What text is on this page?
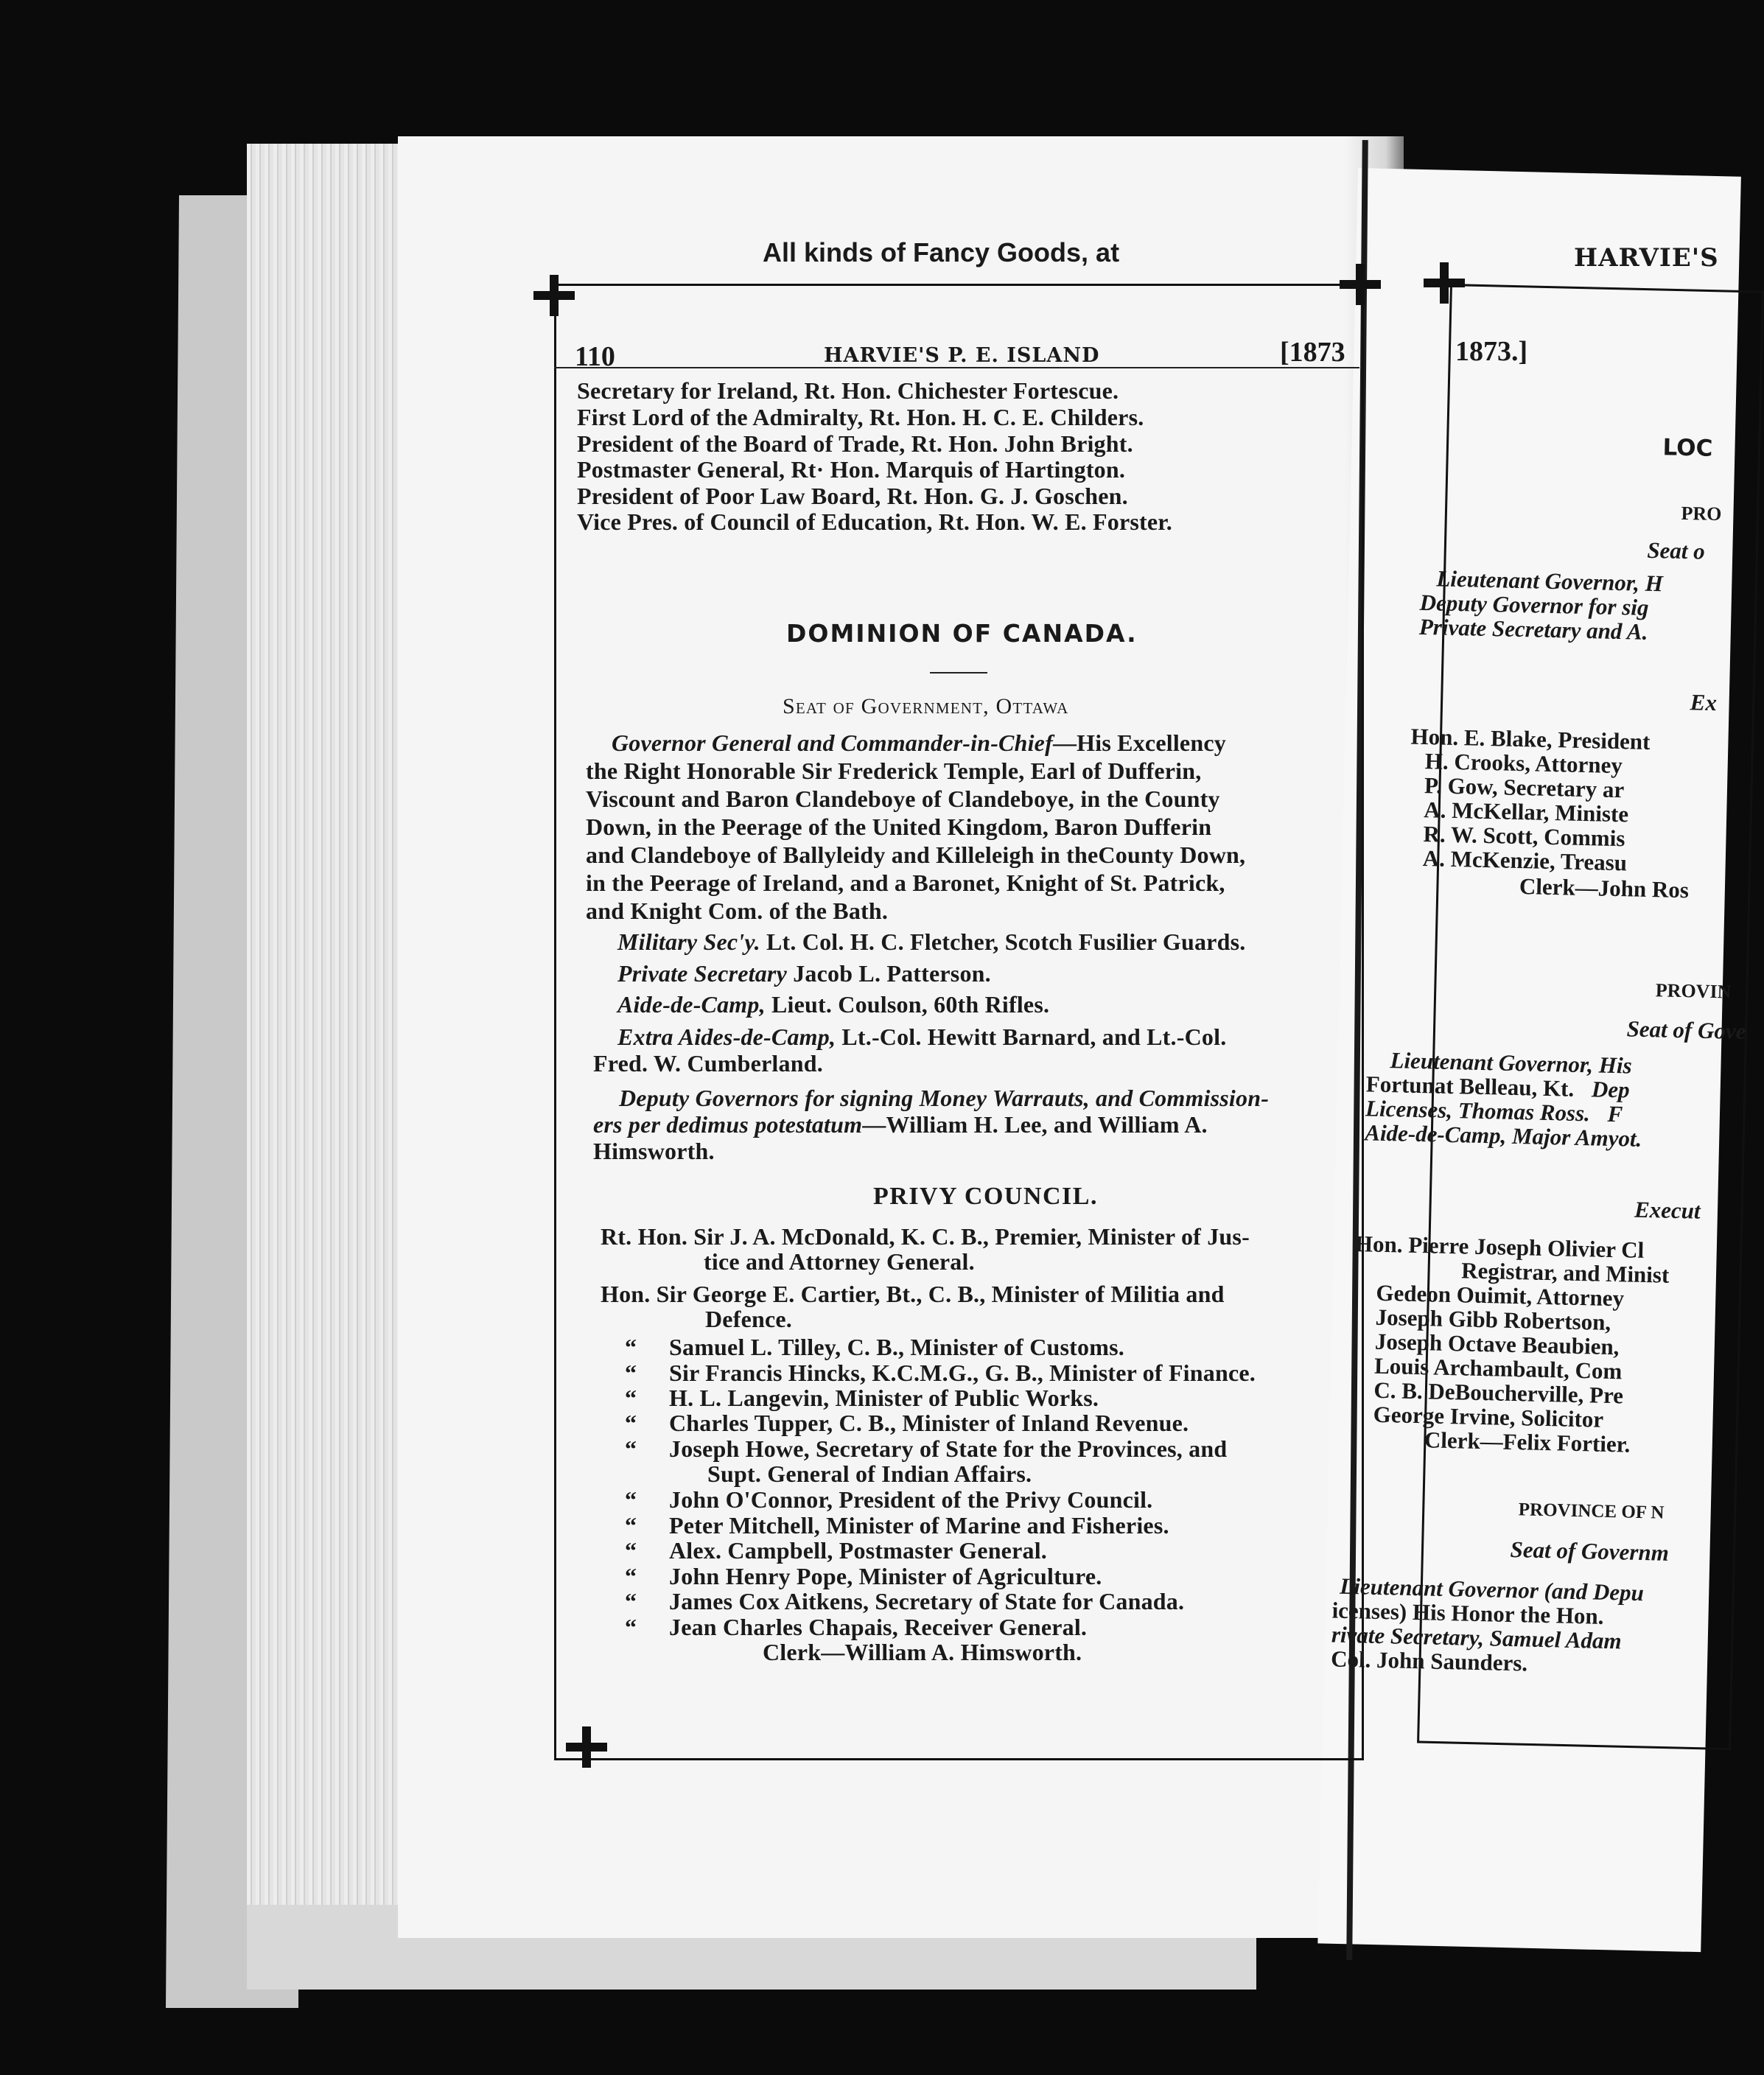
All kinds of Fancy Goods, at
110	HARVIE'S P. E. ISLAND	[1873
Secretary for Ireland, Rt. Hon. Chichester Fortescue.
First Lord of the Admiralty, Rt. Hon. H. C. E. Childers.
President of the Board of Trade, Rt. Hon. John Bright.
Postmaster General, Rt· Hon. Marquis of Hartington.
President of Poor Law Board, Rt. Hon. G. J. Goschen.
Vice Pres. of Council of Education, Rt. Hon. W. E. Forster.
DOMINION OF CANADA.
Seat of Government, Ottawa
Governor General and Commander-in-Chief—His Excellency
the Right Honorable Sir Frederick Temple, Earl of Dufferin,
Viscount and Baron Clandeboye of Clandeboye, in the County
Down, in the Peerage of the United Kingdom, Baron Dufferin
and Clandeboye of Ballyleidy and Killeleigh in theCounty Down,
in the Peerage of Ireland, and a Baronet, Knight of St. Patrick,
and Knight Com. of the Bath.
Military Sec'y. Lt. Col. H. C. Fletcher, Scotch Fusilier Guards.
Private Secretary Jacob L. Patterson.
Aide-de-Camp, Lieut. Coulson, 60th Rifles.
Extra Aides-de-Camp, Lt.-Col. Hewitt Barnard, and Lt.-Col.
Fred. W. Cumberland.
Deputy Governors for signing Money Warrauts, and Commission-
ers per dedimus potestatum—William H. Lee, and William A.
Himsworth.
PRIVY COUNCIL.
Rt. Hon. Sir J. A. McDonald, K. C. B., Premier, Minister of Jus-
tice and Attorney General.
Hon. Sir George E. Cartier, Bt., C. B., Minister of Militia and
Defence.
“ Samuel L. Tilley, C. B., Minister of Customs.
“ Sir Francis Hincks, K.C.M.G., G. B., Minister of Finance.
“ H. L. Langevin, Minister of Public Works.
“ Charles Tupper, C. B., Minister of Inland Revenue.
“ Joseph Howe, Secretary of State for the Provinces, and
Supt. General of Indian Affairs.
“ John O'Connor, President of the Privy Council.
“ Peter Mitchell, Minister of Marine and Fisheries.
“ Alex. Campbell, Postmaster General.
“ John Henry Pope, Minister of Agriculture.
“ James Cox Aitkens, Secretary of State for Canada.
“ Jean Charles Chapais, Receiver General.
Clerk—William A. Himsworth.
HARVIE'S
1873.]
LOC
PRO
Seat o
Lieutenant Governor, H
Deputy Governor for sig
Private Secretary and A.
Ex
Hon. E. Blake, President
H. Crooks, Attorney
P. Gow, Secretary ar
A. McKellar, Ministe
R. W. Scott, Commis
A. McKenzie, Treasu
Clerk—John Ros
PROVIN
Seat of Gove
Lieutenant Governor, His
Fortunat Belleau, Kt. Dep
Licenses, Thomas Ross. F
Aide-de-Camp, Major Amyot.
Execut
Hon. Pierre Joseph Olivier Cl
Registrar, and Minist
Gedeon Ouimit, Attorney
Joseph Gibb Robertson,
Joseph Octave Beaubien,
Louis Archambault, Com
C. B. DeBoucherville, Pre
George Irvine, Solicitor
Clerk—Felix Fortier.
PROVINCE OF N
Seat of Governm
Lieutenant Governor (and Depu
icenses) His Honor the Hon.
rivate Secretary, Samuel Adam
Col. John Saunders.
